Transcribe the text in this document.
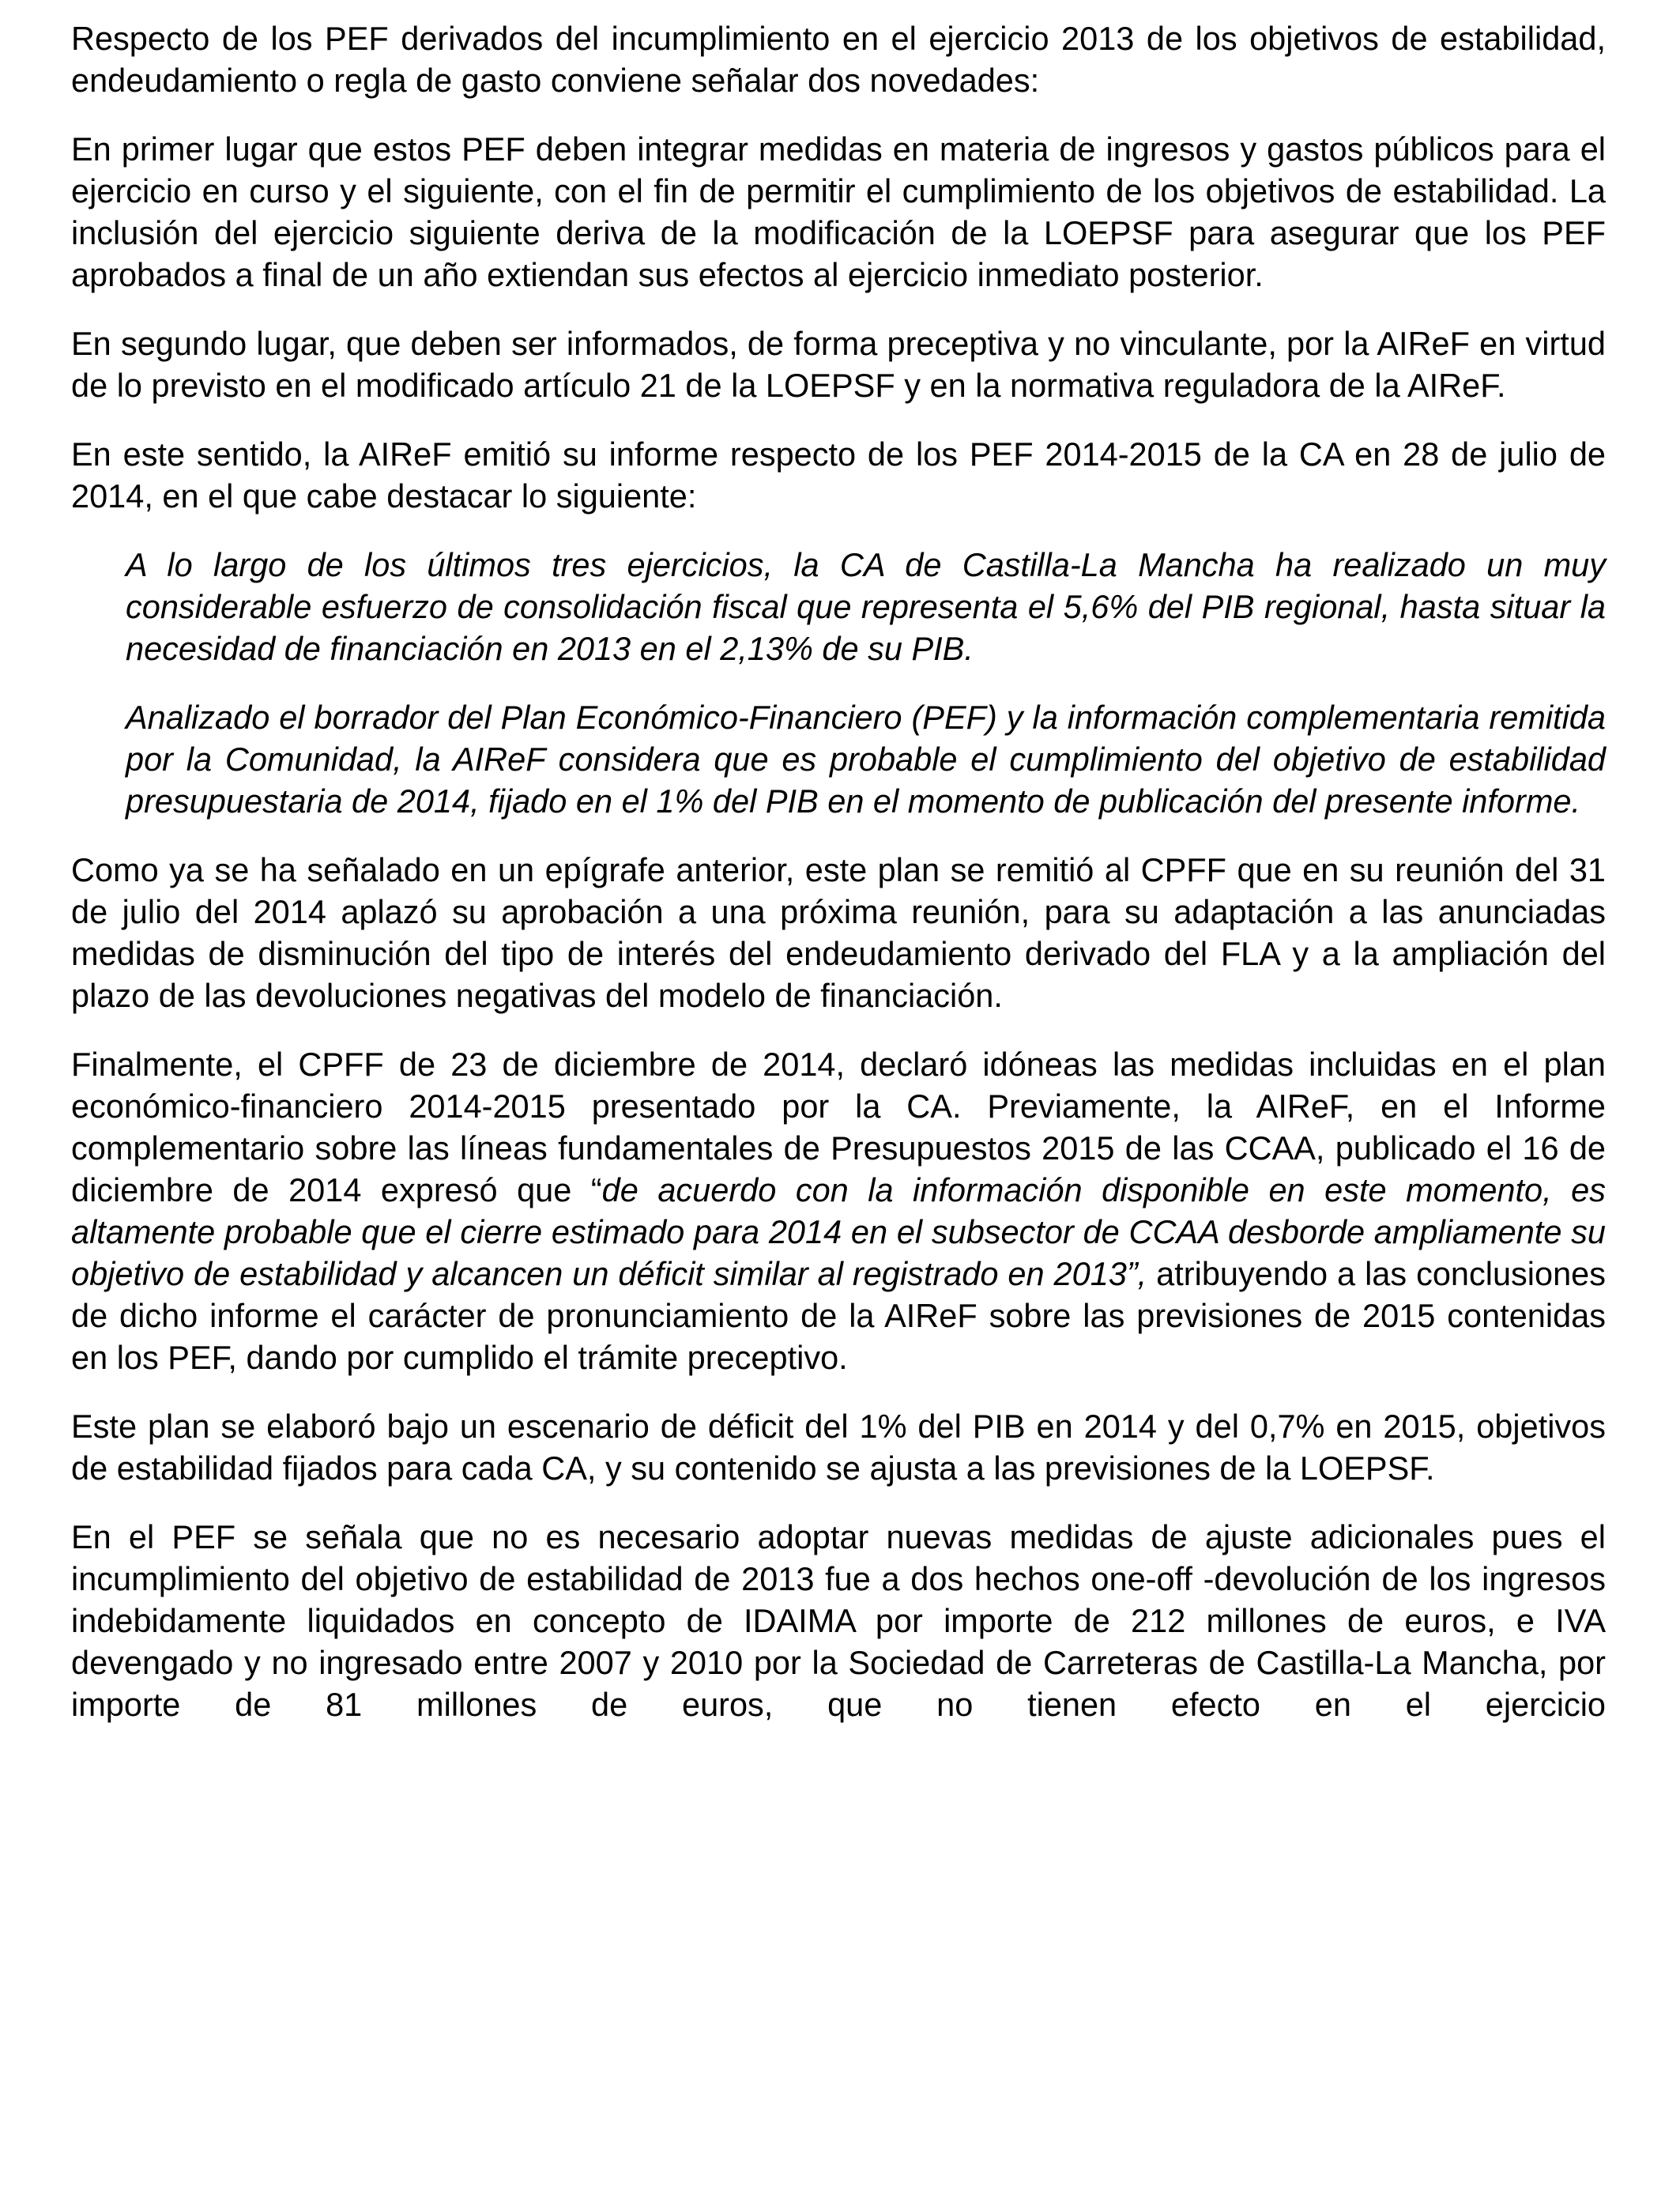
Respecto de los PEF derivados del incumplimiento en el ejercicio 2013 de los objetivos de estabilidad, endeudamiento o regla de gasto conviene señalar dos novedades:

En primer lugar que estos PEF deben integrar medidas en materia de ingresos y gastos públicos para el ejercicio en curso y el siguiente, con el fin de permitir el cumplimiento de los objetivos de estabilidad. La inclusión del ejercicio siguiente deriva de la modificación de la LOEPSF para asegurar que los PEF aprobados a final de un año extiendan sus efectos al ejercicio inmediato posterior.

En segundo lugar, que deben ser informados, de forma preceptiva y no vinculante, por la AIReF en virtud de lo previsto en el modificado artículo 21 de la LOEPSF y en la normativa reguladora de la AIReF.

En este sentido, la AIReF emitió su informe respecto de los PEF 2014-2015 de la CA en 28 de julio de 2014, en el que cabe destacar lo siguiente:

A lo largo de los últimos tres ejercicios, la CA de Castilla-La Mancha ha realizado un muy considerable esfuerzo de consolidación fiscal que representa el 5,6% del PIB regional, hasta situar la necesidad de financiación en 2013 en el 2,13% de su PIB.

Analizado el borrador del Plan Económico-Financiero (PEF) y la información complementaria remitida por la Comunidad, la AIReF considera que es probable el cumplimiento del objetivo de estabilidad presupuestaria de 2014, fijado en el 1% del PIB en el momento de publicación del presente informe.

Como ya se ha señalado en un epígrafe anterior, este plan se remitió al CPFF que en su reunión del 31 de julio del 2014 aplazó su aprobación a una próxima reunión, para su adaptación a las anunciadas medidas de disminución del tipo de interés del endeudamiento derivado del FLA y a la ampliación del plazo de las devoluciones negativas del modelo de financiación.

Finalmente, el CPFF de 23 de diciembre de 2014, declaró idóneas las medidas incluidas en el plan económico-financiero 2014-2015 presentado por la CA. Previamente, la AIReF, en el Informe complementario sobre las líneas fundamentales de Presupuestos 2015 de las CCAA, publicado el 16 de diciembre de 2014 expresó que “de acuerdo con la información disponible en este momento, es altamente probable que el cierre estimado para 2014 en el subsector de CCAA desborde ampliamente su objetivo de estabilidad y alcancen un déficit similar al registrado en 2013”, atribuyendo a las conclusiones de dicho informe el carácter de pronunciamiento de la AIReF sobre las previsiones de 2015 contenidas en los PEF, dando por cumplido el trámite preceptivo.

Este plan se elaboró bajo un escenario de déficit del 1% del PIB en 2014 y del 0,7% en 2015, objetivos de estabilidad fijados para cada CA, y su contenido se ajusta a las previsiones de la LOEPSF.

En el PEF se señala que no es necesario adoptar nuevas medidas de ajuste adicionales pues el incumplimiento del objetivo de estabilidad de 2013 fue a dos hechos one-off -devolución de los ingresos indebidamente liquidados en concepto de IDAIMA por importe de 212 millones de euros, e IVA devengado y no ingresado entre 2007 y 2010 por la Sociedad de Carreteras de Castilla-La Mancha, por importe de 81 millones de euros, que no tienen efecto en el ejercicio
